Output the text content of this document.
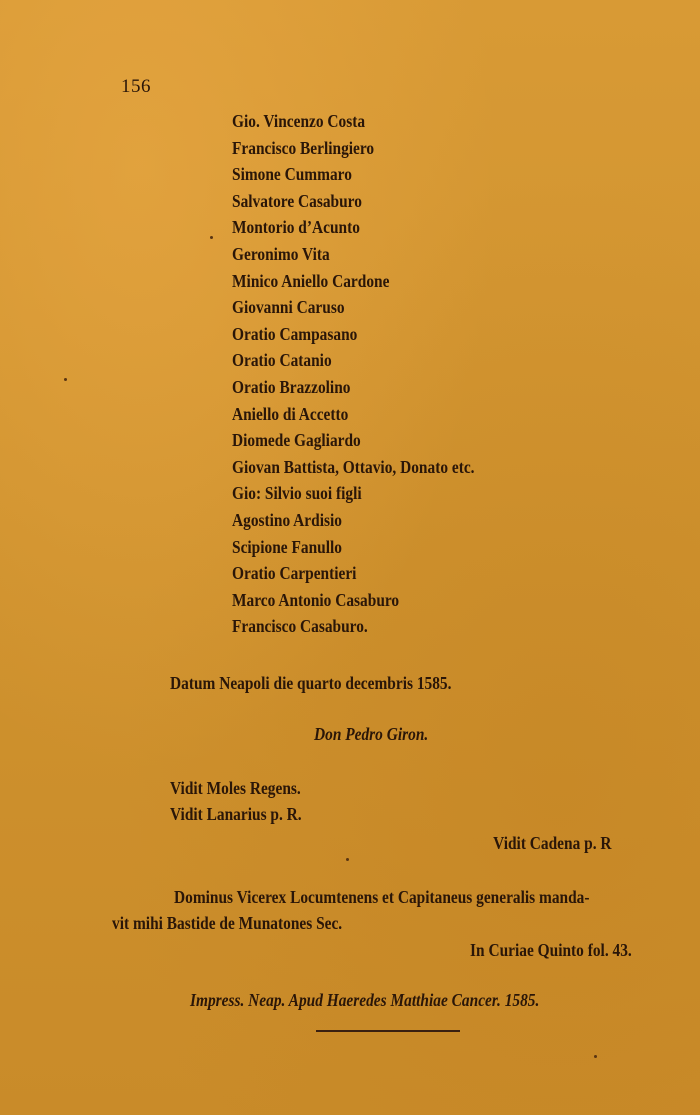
156
Gio. Vincenzo Costa
Francisco Berlingiero
Simone Cummaro
Salvatore Casaburo
Montorio d’Acunto
Geronimo Vita
Minico Aniello Cardone
Giovanni Caruso
Oratio Campasano
Oratio Catanio
Oratio Brazzolino
Aniello di Accetto
Diomede Gagliardo
Giovan Battista, Ottavio, Donato etc.
Gio: Silvio suoi figli
Agostino Ardisio
Scipione Fanullo
Oratio Carpentieri
Marco Antonio Casaburo
Francisco Casaburo.
Datum Neapoli die quarto decembris 1585.
Don Pedro Giron.
Vidit Moles Regens.
Vidit Lanarius p. R.
Vidit Cadena p. R
Dominus Vicerex Locumtenens et Capitaneus generalis manda-
vit mihi Bastide de Munatones Sec.
In Curiae Quinto fol. 43.
Impress. Neap. Apud Haeredes Matthiae Cancer. 1585.
